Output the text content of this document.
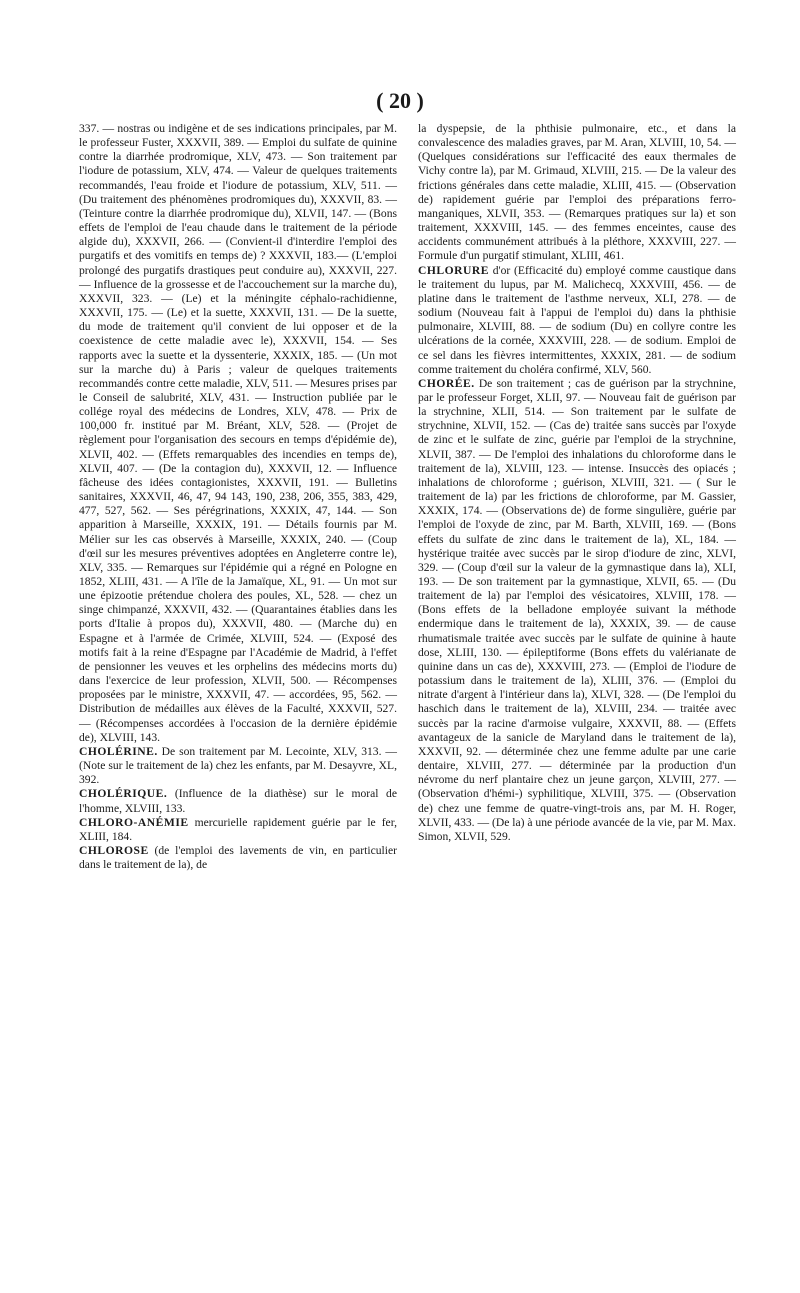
( 20 )

337. — nostras ou indigène et de ses indications principales, par M. le professeur Fuster, XXXVII, 389. — Emploi du sulfate de quinine contre la diarrhée prodromique, XLV, 473. — Son traitement par l'iodure de potassium, XLV, 474. — Valeur de quelques traitements recommandés, l'eau froide et l'iodure de potassium, XLV, 511. — (Du traitement des phénomènes prodromiques du), XXXVII, 83. — (Teinture contre la diarrhée prodromique du), XLVII, 147. — (Bons effets de l'emploi de l'eau chaude dans le traitement de la période algide du), XXXVII, 266. — (Convient-il d'interdire l'emploi des purgatifs et des vomitifs en temps de) ? XXXVII, 183.— (L'emploi prolongé des purgatifs drastiques peut conduire au), XXXVII, 227. — Influence de la grossesse et de l'accouchement sur la marche du), XXXVII, 323. — (Le) et la méningite céphalo-rachidienne, XXXVII, 175. — (Le) et la suette, XXXVII, 131. — De la suette, du mode de traitement qu'il convient de lui opposer et de la coexistence de cette maladie avec le), XXXVII, 154. — Ses rapports avec la suette et la dyssenterie, XXXIX, 185. — (Un mot sur la marche du) à Paris ; valeur de quelques traitements recommandés contre cette maladie, XLV, 511. — Mesures prises par le Conseil de salubrité, XLV, 431. — Instruction publiée par le collége royal des médecins de Londres, XLV, 478. — Prix de 100,000 fr. institué par M. Bréant, XLV, 528. — (Projet de règlement pour l'organisation des secours en temps d'épidémie de), XLVII, 402. — (Effets remarquables des incendies en temps de), XLVII, 407. — (De la contagion du), XXXVII, 12. — Influence fâcheuse des idées contagionistes, XXXVII, 191. — Bulletins sanitaires, XXXVII, 46, 47, 94 143, 190, 238, 206, 355, 383, 429, 477, 527, 562. — Ses pérégrinations, XXXIX, 47, 144. — Son apparition à Marseille, XXXIX, 191. — Détails fournis par M. Mélier sur les cas observés à Marseille, XXXIX, 240. — (Coup d'œil sur les mesures préventives adoptées en Angleterre contre le), XLV, 335. — Remarques sur l'épidémie qui a régné en Pologne en 1852, XLIII, 431. — A l'île de la Jamaïque, XL, 91. — Un mot sur une épizootie prétendue cholera des poules, XL, 528. — chez un singe chimpanzé, XXXVII, 432. — (Quarantaines établies dans les ports d'Italie à propos du), XXXVII, 480. — (Marche du) en Espagne et à l'armée de Crimée, XLVIII, 524. — (Exposé des motifs fait à la reine d'Espagne par l'Académie de Madrid, à l'effet de pensionner les veuves et les orphelins des médecins morts du) dans l'exercice de leur profession, XLVII, 500. — Récompenses proposées par le ministre, XXXVII, 47. — accordées, 95, 562. — Distribution de médailles aux élèves de la Faculté, XXXVII, 527. — (Récompenses accordées à l'occasion de la dernière épidémie de), XLVIII, 143.

CHOLÉRINE. De son traitement par M. Lecointe, XLV, 313. — (Note sur le traitement de la) chez les enfants, par M. Desayvre, XL, 392.

CHOLÉRIQUE. (Influence de la diathèse) sur le moral de l'homme, XLVIII, 133.

CHLORO-ANÉMIE mercurielle rapidement guérie par le fer, XLIII, 184.

CHLOROSE (de l'emploi des lavements de vin, en particulier dans le traitement de la), de

la dyspepsie, de la phthisie pulmonaire, etc., et dans la convalescence des maladies graves, par M. Aran, XLVIII, 10, 54. — (Quelques considérations sur l'efficacité des eaux thermales de Vichy contre la), par M. Grimaud, XLVIII, 215. — De la valeur des frictions générales dans cette maladie, XLIII, 415. — (Observation de) rapidement guérie par l'emploi des préparations ferro-manganiques, XLVII, 353. — (Remarques pratiques sur la) et son traitement, XXXVIII, 145. — des femmes enceintes, cause des accidents communément attribués à la pléthore, XXXVIII, 227. — Formule d'un purgatif stimulant, XLIII, 461.

CHLORURE d'or (Efficacité du) employé comme caustique dans le traitement du lupus, par M. Malichecq, XXXVIII, 456. — de platine dans le traitement de l'asthme nerveux, XLI, 278. — de sodium (Nouveau fait à l'appui de l'emploi du) dans la phthisie pulmonaire, XLVIII, 88. — de sodium (Du) en collyre contre les ulcérations de la cornée, XXXVIII, 228. — de sodium. Emploi de ce sel dans les fièvres intermittentes, XXXIX, 281. — de sodium comme traitement du choléra confirmé, XLV, 560.

CHORÉE. De son traitement ; cas de guérison par la strychnine, par le professeur Forget, XLII, 97. — Nouveau fait de guérison par la strychnine, XLII, 514. — Son traitement par le sulfate de strychnine, XLVII, 152. — (Cas de) traitée sans succès par l'oxyde de zinc et le sulfate de zinc, guérie par l'emploi de la strychnine, XLVII, 387. — De l'emploi des inhalations du chloroforme dans le traitement de la), XLVIII, 123. — intense. Insuccès des opiacés ; inhalations de chloroforme ; guérison, XLVIII, 321. — ( Sur le traitement de la) par les frictions de chloroforme, par M. Gassier, XXXIX, 174. — (Observations de) de forme singulière, guérie par l'emploi de l'oxyde de zinc, par M. Barth, XLVIII, 169. — (Bons effets du sulfate de zinc dans le traitement de la), XL, 184. — hystérique traitée avec succès par le sirop d'iodure de zinc, XLVI, 329. — (Coup d'œil sur la valeur de la gymnastique dans la), XLI, 193. — De son traitement par la gymnastique, XLVII, 65. — (Du traitement de la) par l'emploi des vésicatoires, XLVIII, 178. — (Bons effets de la belladone employée suivant la méthode endermique dans le traitement de la), XXXIX, 39. — de cause rhumatismale traitée avec succès par le sulfate de quinine à haute dose, XLIII, 130. — épileptiforme (Bons effets du valérianate de quinine dans un cas de), XXXVIII, 273. — (Emploi de l'iodure de potassium dans le traitement de la), XLIII, 376. — (Emploi du nitrate d'argent à l'intérieur dans la), XLVI, 328. — (De l'emploi du haschich dans le traitement de la), XLVIII, 234. — traitée avec succès par la racine d'armoise vulgaire, XXXVII, 88. — (Effets avantageux de la sanicle de Maryland dans le traitement de la), XXXVII, 92. — déterminée chez une femme adulte par une carie dentaire, XLVIII, 277. — déterminée par la production d'un névrome du nerf plantaire chez un jeune garçon, XLVIII, 277. — (Observation d'hémi-) syphilitique, XLVIII, 375. — (Observation de) chez une femme de quatre-vingt-trois ans, par M. H. Roger, XLVII, 433. — (De la) à une période avancée de la vie, par M. Max. Simon, XLVII, 529.
